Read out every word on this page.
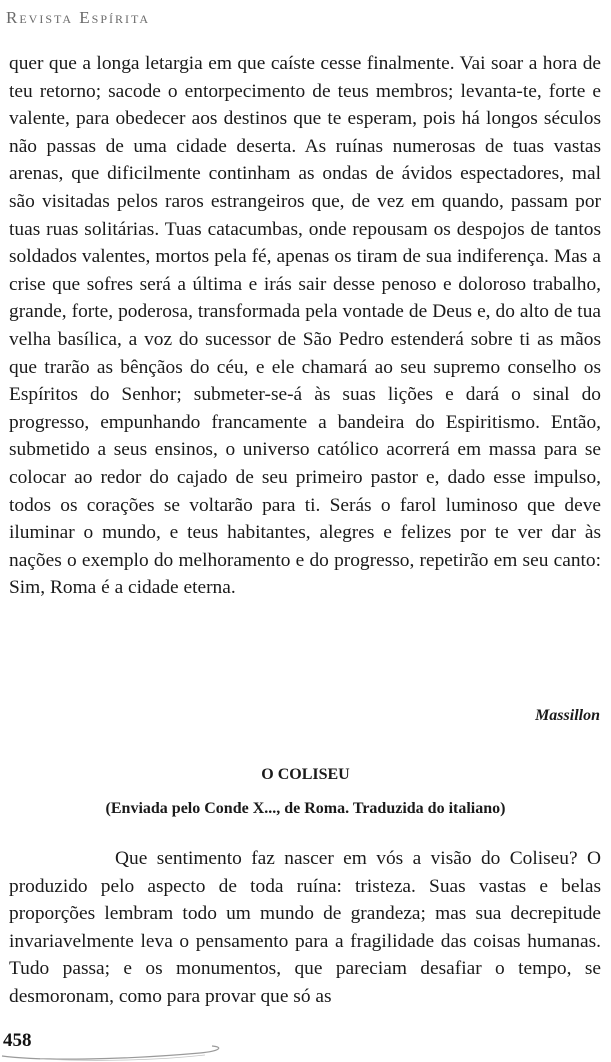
Revista Espírita

quer que a longa letargia em que caíste cesse finalmente. Vai soar a hora de teu retorno; sacode o entorpecimento de teus membros; levanta-te, forte e valente, para obedecer aos destinos que te esperam, pois há longos séculos não passas de uma cidade deserta. As ruínas numerosas de tuas vastas arenas, que dificilmente continham as ondas de ávidos espectadores, mal são visitadas pelos raros estrangeiros que, de vez em quando, passam por tuas ruas solitárias. Tuas catacumbas, onde repousam os despojos de tantos soldados valentes, mortos pela fé, apenas os tiram de sua indiferença. Mas a crise que sofres será a última e irás sair desse penoso e doloroso trabalho, grande, forte, poderosa, transformada pela vontade de Deus e, do alto de tua velha basílica, a voz do sucessor de São Pedro estenderá sobre ti as mãos que trarão as bênçãos do céu, e ele chamará ao seu supremo conselho os Espíritos do Senhor; submeter-se-á às suas lições e dará o sinal do progresso, empunhando francamente a bandeira do Espiritismo. Então, submetido a seus ensinos, o universo católico acorrerá em massa para se colocar ao redor do cajado de seu primeiro pastor e, dado esse impulso, todos os corações se voltarão para ti. Serás o farol luminoso que deve iluminar o mundo, e teus habitantes, alegres e felizes por te ver dar às nações o exemplo do melhoramento e do progresso, repetirão em seu canto: Sim, Roma é a cidade eterna.

Massillon

O COLISEU

(Enviada pelo Conde X..., de Roma. Traduzida do italiano)

Que sentimento faz nascer em vós a visão do Coliseu? O produzido pelo aspecto de toda ruína: tristeza. Suas vastas e belas proporções lembram todo um mundo de grandeza; mas sua decrepitude invariavelmente leva o pensamento para a fragilidade das coisas humanas. Tudo passa; e os monumentos, que pareciam desafiar o tempo, se desmoronam, como para provar que só as

458
